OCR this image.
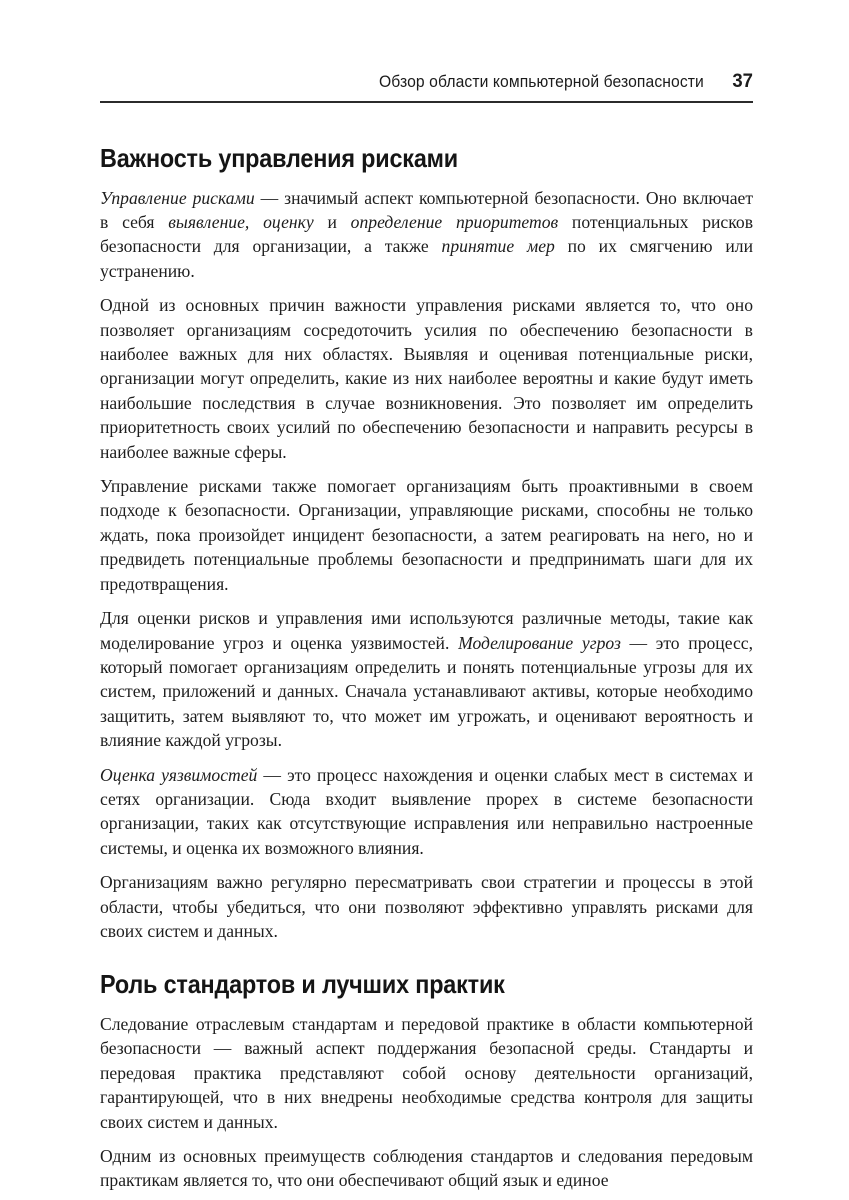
Обзор области компьютерной безопасности 37
Важность управления рисками

Управление рисками — значимый аспект компьютерной безопасности. Оно включает в себя выявление, оценку и определение приоритетов потенциальных рисков безопасности для организации, а также принятие мер по их смягчению или устранению.

Одной из основных причин важности управления рисками является то, что оно позволяет организациям сосредоточить усилия по обеспечению безопасности в наиболее важных для них областях. Выявляя и оценивая потенциальные риски, организации могут определить, какие из них наиболее вероятны и какие будут иметь наибольшие последствия в случае возникновения. Это позволяет им определить приоритетность своих усилий по обеспечению безопасности и направить ресурсы в наиболее важные сферы.

Управление рисками также помогает организациям быть проактивными в своем подходе к безопасности. Организации, управляющие рисками, способны не только ждать, пока произойдет инцидент безопасности, а затем реагировать на него, но и предвидеть потенциальные проблемы безопасности и предпринимать шаги для их предотвращения.

Для оценки рисков и управления ими используются различные методы, такие как моделирование угроз и оценка уязвимостей. Моделирование угроз — это процесс, который помогает организациям определить и понять потенциальные угрозы для их систем, приложений и данных. Сначала устанавливают активы, которые необходимо защитить, затем выявляют то, что может им угрожать, и оценивают вероятность и влияние каждой угрозы.

Оценка уязвимостей — это процесс нахождения и оценки слабых мест в системах и сетях организации. Сюда входит выявление прорех в системе безопасности организации, таких как отсутствующие исправления или неправильно настроенные системы, и оценка их возможного влияния.

Организациям важно регулярно пересматривать свои стратегии и процессы в этой области, чтобы убедиться, что они позволяют эффективно управлять рисками для своих систем и данных.

Роль стандартов и лучших практик

Следование отраслевым стандартам и передовой практике в области компьютерной безопасности — важный аспект поддержания безопасной среды. Стандарты и передовая практика представляют собой основу деятельности организаций, гарантирующей, что в них внедрены необходимые средства контроля для защиты своих систем и данных.

Одним из основных преимуществ соблюдения стандартов и следования передовым практикам является то, что они обеспечивают общий язык и единое
